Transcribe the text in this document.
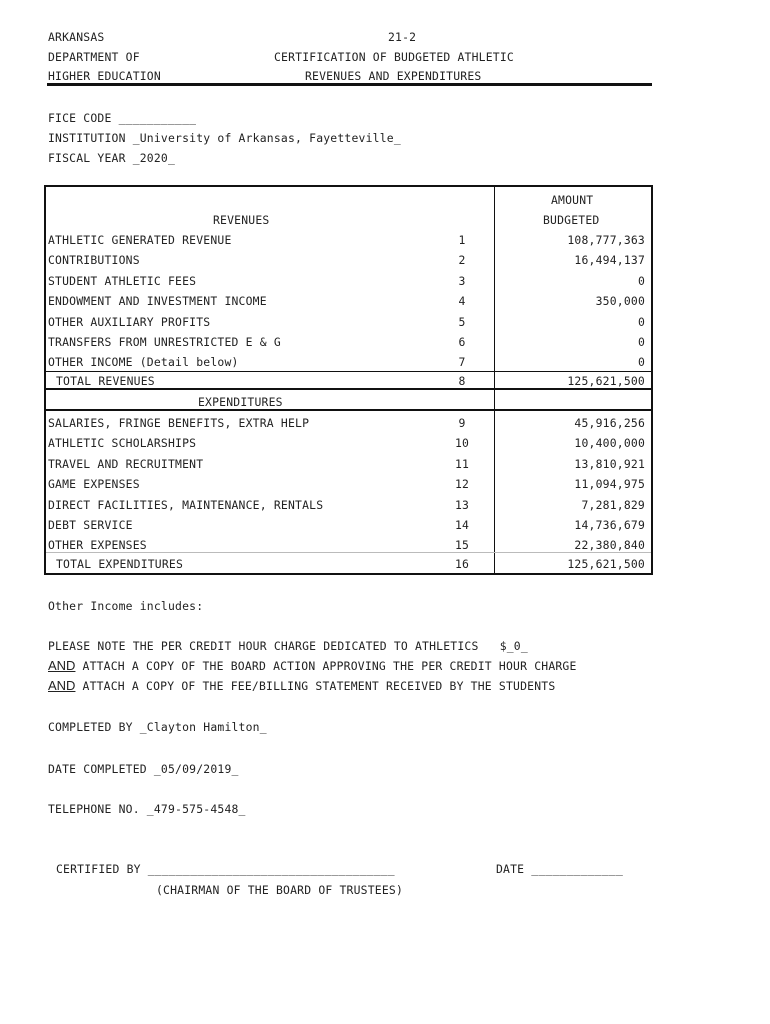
ARKANSAS
DEPARTMENT OF
HIGHER EDUCATION
21-2
CERTIFICATION OF BUDGETED ATHLETIC
REVENUES AND EXPENDITURES
FICE CODE ___________
INSTITUTION _University of Arkansas, Fayetteville_
FISCAL YEAR _2020_
AMOUNT
BUDGETED
REVENUES
ATHLETIC GENERATED REVENUE	1	108,777,363
CONTRIBUTIONS	2	16,494,137
STUDENT ATHLETIC FEES	3	0
ENDOWMENT AND INVESTMENT INCOME	4	350,000
OTHER AUXILIARY PROFITS	5	0
TRANSFERS FROM UNRESTRICTED E & G	6	0
OTHER INCOME (Detail below)	7	0
TOTAL REVENUES	8	125,621,500
EXPENDITURES
SALARIES, FRINGE BENEFITS, EXTRA HELP	9	45,916,256
ATHLETIC SCHOLARSHIPS	10	10,400,000
TRAVEL AND RECRUITMENT	11	13,810,921
GAME EXPENSES	12	11,094,975
DIRECT FACILITIES, MAINTENANCE, RENTALS	13	7,281,829
DEBT SERVICE	14	14,736,679
OTHER EXPENSES	15	22,380,840
TOTAL EXPENDITURES	16	125,621,500
Other Income includes:
PLEASE NOTE THE PER CREDIT HOUR CHARGE DEDICATED TO ATHLETICS   $_0_
AND ATTACH A COPY OF THE BOARD ACTION APPROVING THE PER CREDIT HOUR CHARGE
AND ATTACH A COPY OF THE FEE/BILLING STATEMENT RECEIVED BY THE STUDENTS
COMPLETED BY _Clayton Hamilton_
DATE COMPLETED _05/09/2019_
TELEPHONE NO. _479-575-4548_
CERTIFIED BY ___________________________________	DATE _____________
(CHAIRMAN OF THE BOARD OF TRUSTEES)
